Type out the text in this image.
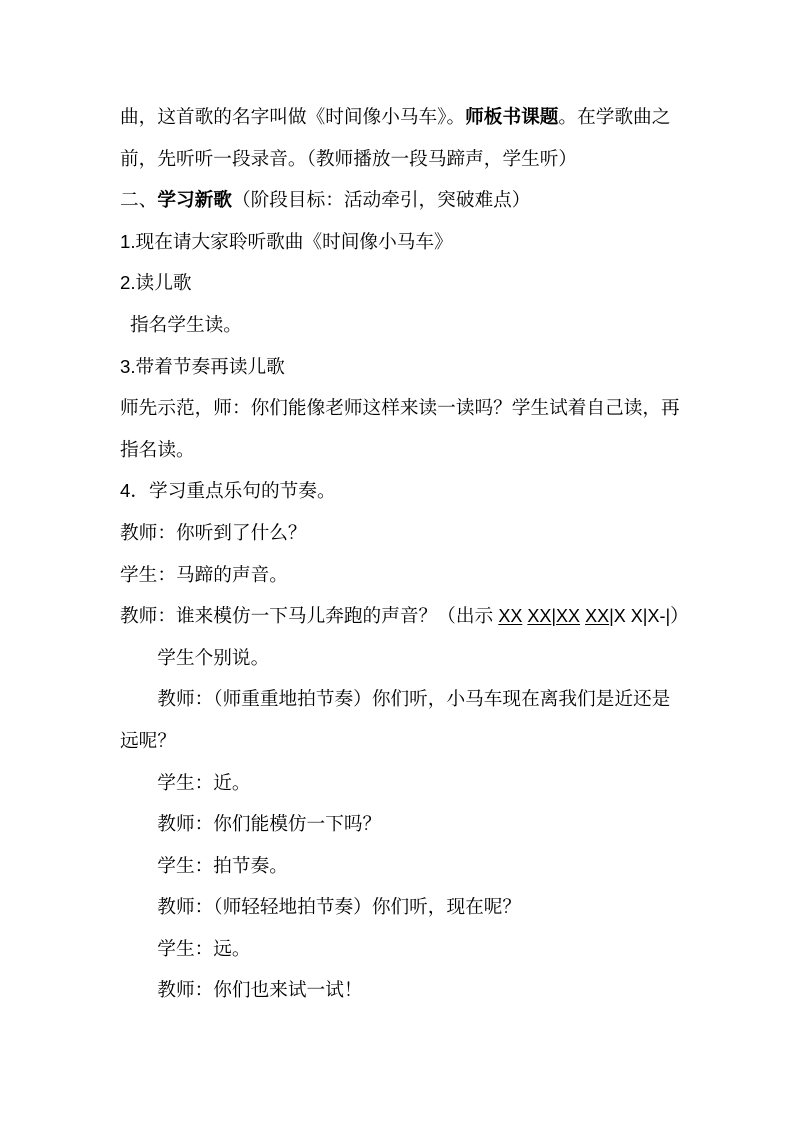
曲，这首歌的名字叫做《时间像小马车》。师板书课题。在学歌曲之
前，先听听一段录音。（教师播放一段马蹄声，学生听）
二、学习新歌（阶段目标：活动牵引，突破难点）
1.现在请大家聆听歌曲《时间像小马车》
2.读儿歌
指名学生读。
3.带着节奏再读儿歌
师先示范，师：你们能像老师这样来读一读吗？学生试着自己读，再
指名读。
4．学习重点乐句的节奏。
教师：你听到了什么？
学生：马蹄的声音。
教师：谁来模仿一下马儿奔跑的声音？（出示 XX XX|XX XX|X X|X-|）
学生个别说。
教师：（师重重地拍节奏）你们听，小马车现在离我们是近还是
远呢？
学生：近。
教师：你们能模仿一下吗？
学生：拍节奏。
教师：（师轻轻地拍节奏）你们听，现在呢？
学生：远。
教师：你们也来试一试！
